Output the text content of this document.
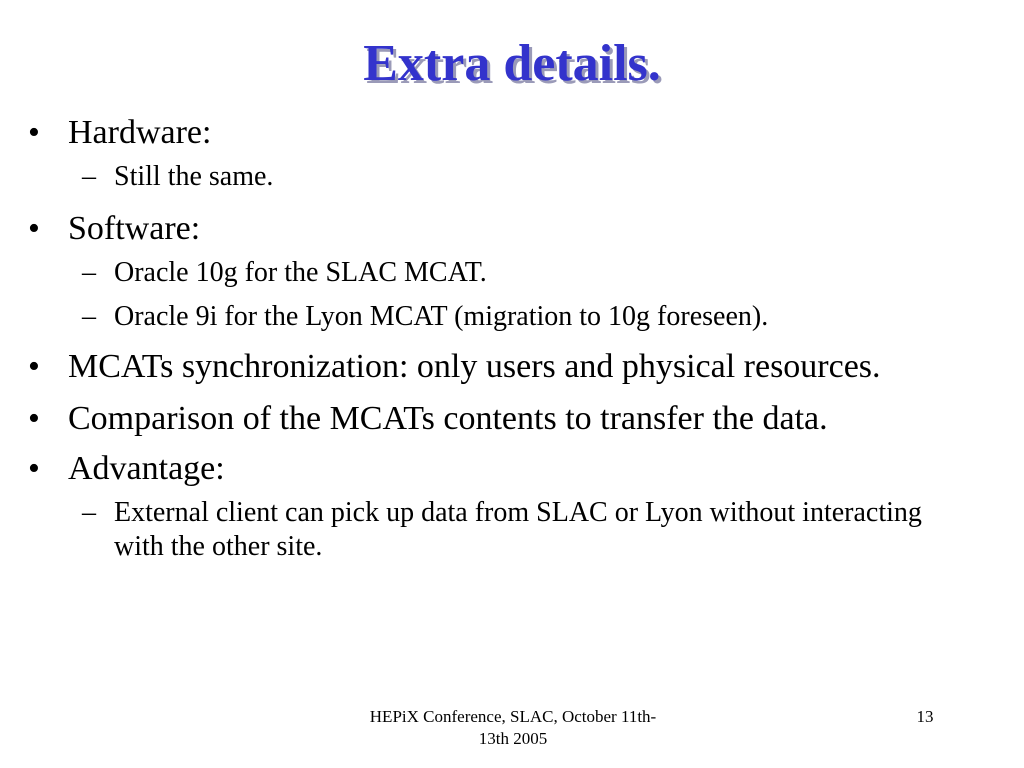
Extra details.
• Hardware:
– Still the same.
• Software:
– Oracle 10g for the SLAC MCAT.
– Oracle 9i for the Lyon MCAT (migration to 10g foreseen).
• MCATs synchronization: only users and physical resources.
• Comparison of the MCATs contents to transfer the data.
• Advantage:
– External client can pick up data from SLAC or Lyon without interacting with the other site.
HEPiX Conference, SLAC, October 11th-13th 2005
13
